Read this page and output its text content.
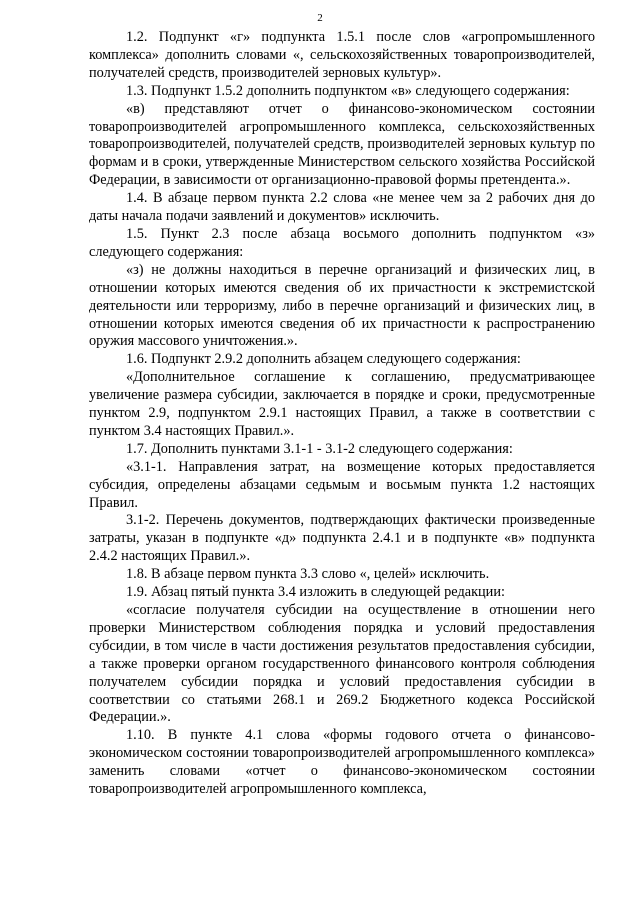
2

1.2. Подпункт «г» подпункта 1.5.1 после слов «агропромышленного комплекса» дополнить словами «, сельскохозяйственных товаропроизводителей, получателей средств, производителей зерновых культур».

1.3. Подпункт 1.5.2 дополнить подпунктом «в» следующего содержания:

«в) представляют отчет о финансово-экономическом состоянии товаропроизводителей агропромышленного комплекса, сельскохозяйственных товаропроизводителей, получателей средств, производителей зерновых культур по формам и в сроки, утвержденные Министерством сельского хозяйства Российской Федерации, в зависимости от организационно-правовой формы претендента.».

1.4. В абзаце первом пункта 2.2 слова «не менее чем за 2 рабочих дня до даты начала подачи заявлений и документов» исключить.

1.5. Пункт 2.3 после абзаца восьмого дополнить подпунктом «з» следующего содержания:

«з) не должны находиться в перечне организаций и физических лиц, в отношении которых имеются сведения об их причастности к экстремистской деятельности или терроризму, либо в перечне организаций и физических лиц, в отношении которых имеются сведения об их причастности к распространению оружия массового уничтожения.».

1.6. Подпункт 2.9.2 дополнить абзацем следующего содержания:

«Дополнительное соглашение к соглашению, предусматривающее увеличение размера субсидии, заключается в порядке и сроки, предусмотренные пунктом 2.9, подпунктом 2.9.1 настоящих Правил, а также в соответствии с пунктом 3.4 настоящих Правил.».

1.7. Дополнить пунктами 3.1-1 - 3.1-2 следующего содержания:

«3.1-1. Направления затрат, на возмещение которых предоставляется субсидия, определены абзацами седьмым и восьмым пункта 1.2 настоящих Правил.

3.1-2. Перечень документов, подтверждающих фактически произведенные затраты, указан в подпункте «д» подпункта 2.4.1 и в подпункте «в» подпункта 2.4.2 настоящих Правил.».

1.8. В абзаце первом пункта 3.3 слово «, целей» исключить.

1.9. Абзац пятый пункта 3.4 изложить в следующей редакции:

«согласие получателя субсидии на осуществление в отношении него проверки Министерством соблюдения порядка и условий предоставления субсидии, в том числе в части достижения результатов предоставления субсидии, а также проверки органом государственного финансового контроля соблюдения получателем субсидии порядка и условий предоставления субсидии в соответствии со статьями 268.1 и 269.2 Бюджетного кодекса Российской Федерации.».

1.10. В пункте 4.1 слова «формы годового отчета о финансово-экономическом состоянии товаропроизводителей агропромышленного комплекса» заменить словами «отчет о финансово-экономическом состоянии товаропроизводителей агропромышленного комплекса,
